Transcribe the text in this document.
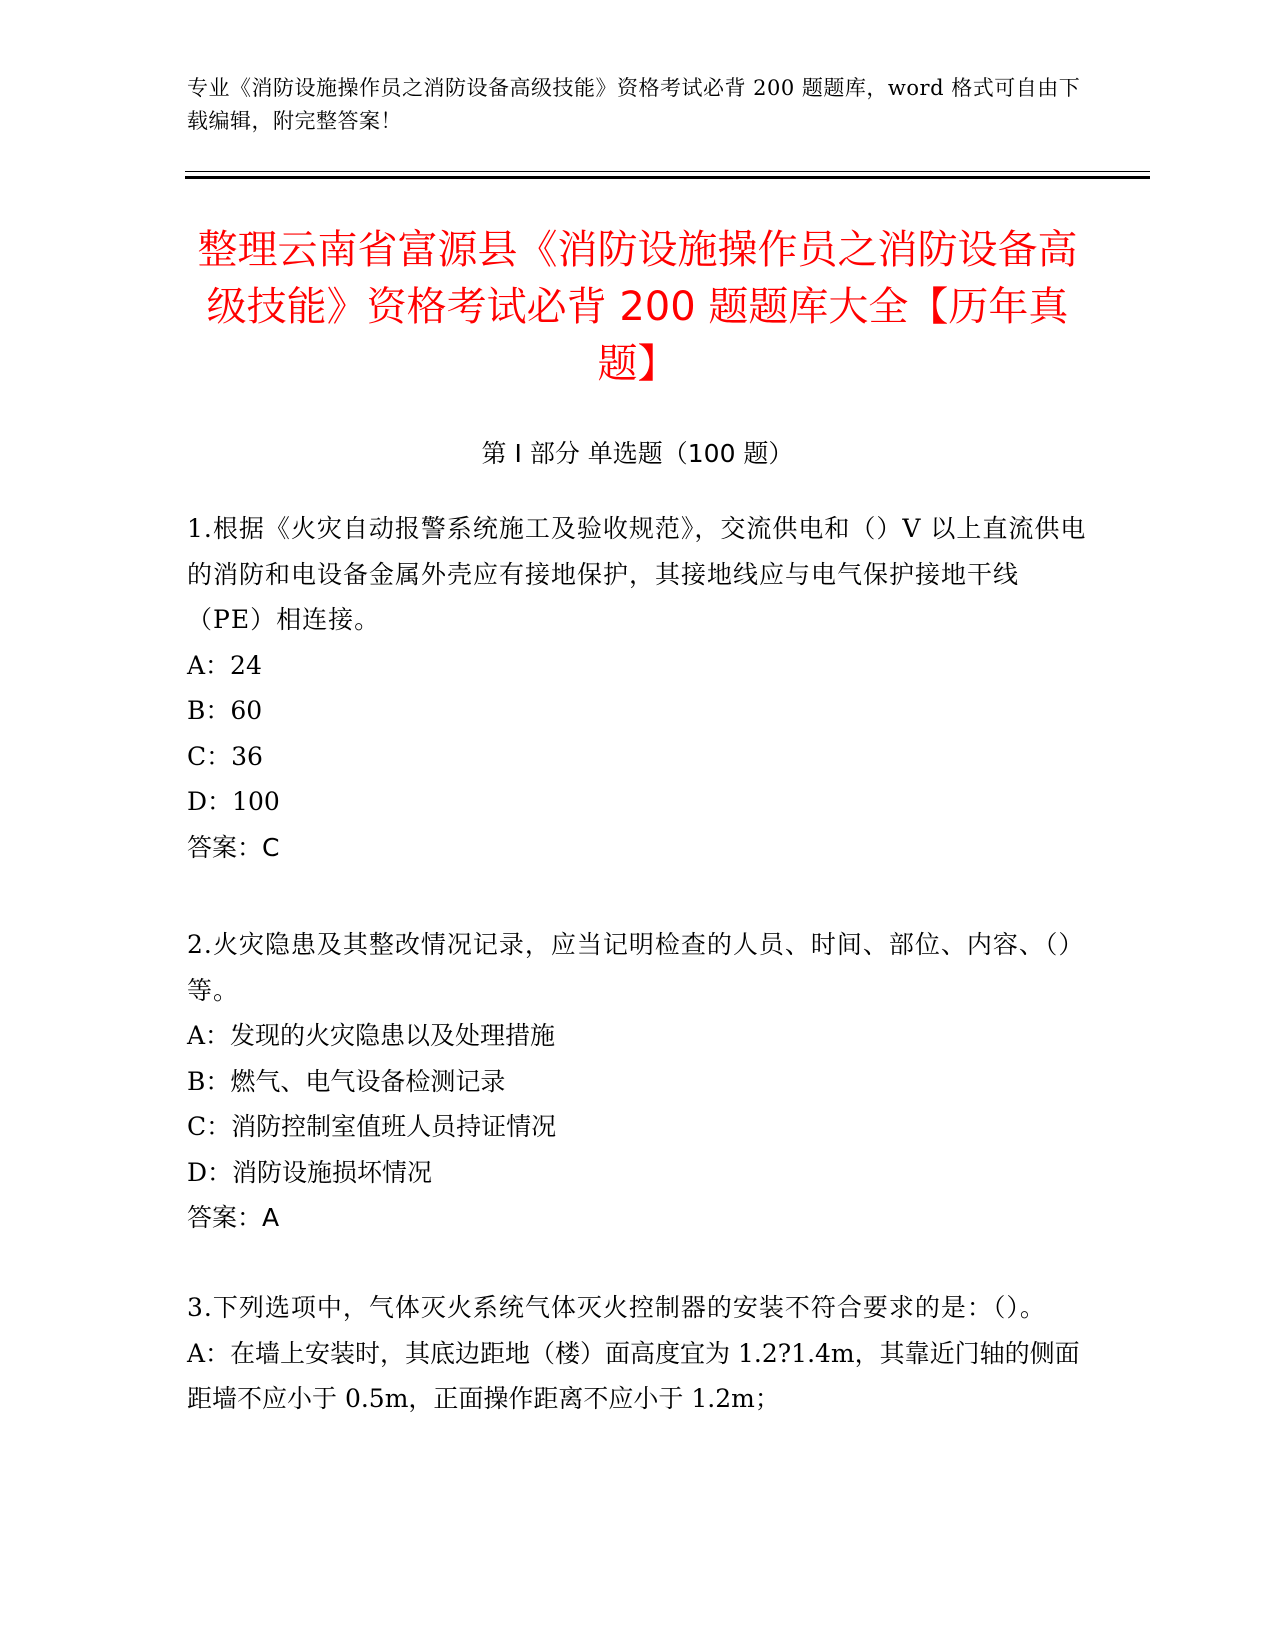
专业《消防设施操作员之消防设备高级技能》资格考试必背 200 题题库，word 格式可自由下载编辑，附完整答案！
整理云南省富源县《消防设施操作员之消防设备高级技能》资格考试必背 200 题题库大全【历年真题】
第 I 部分 单选题（100 题）
1.根据《火灾自动报警系统施工及验收规范》，交流供电和（）V 以上直流供电的消防和电设备金属外壳应有接地保护，其接地线应与电气保护接地干线（PE）相连接。
A：24
B：60
C：36
D：100
答案：C
2.火灾隐患及其整改情况记录，应当记明检查的人员、时间、部位、内容、（）等。
A：发现的火灾隐患以及处理措施
B：燃气、电气设备检测记录
C：消防控制室值班人员持证情况
D：消防设施损坏情况
答案：A
3.下列选项中，气体灭火系统气体灭火控制器的安装不符合要求的是：（）。
A：在墙上安装时，其底边距地（楼）面高度宜为 1.2?1.4m，其靠近门轴的侧面距墙不应小于 0.5m，正面操作距离不应小于 1.2m；
